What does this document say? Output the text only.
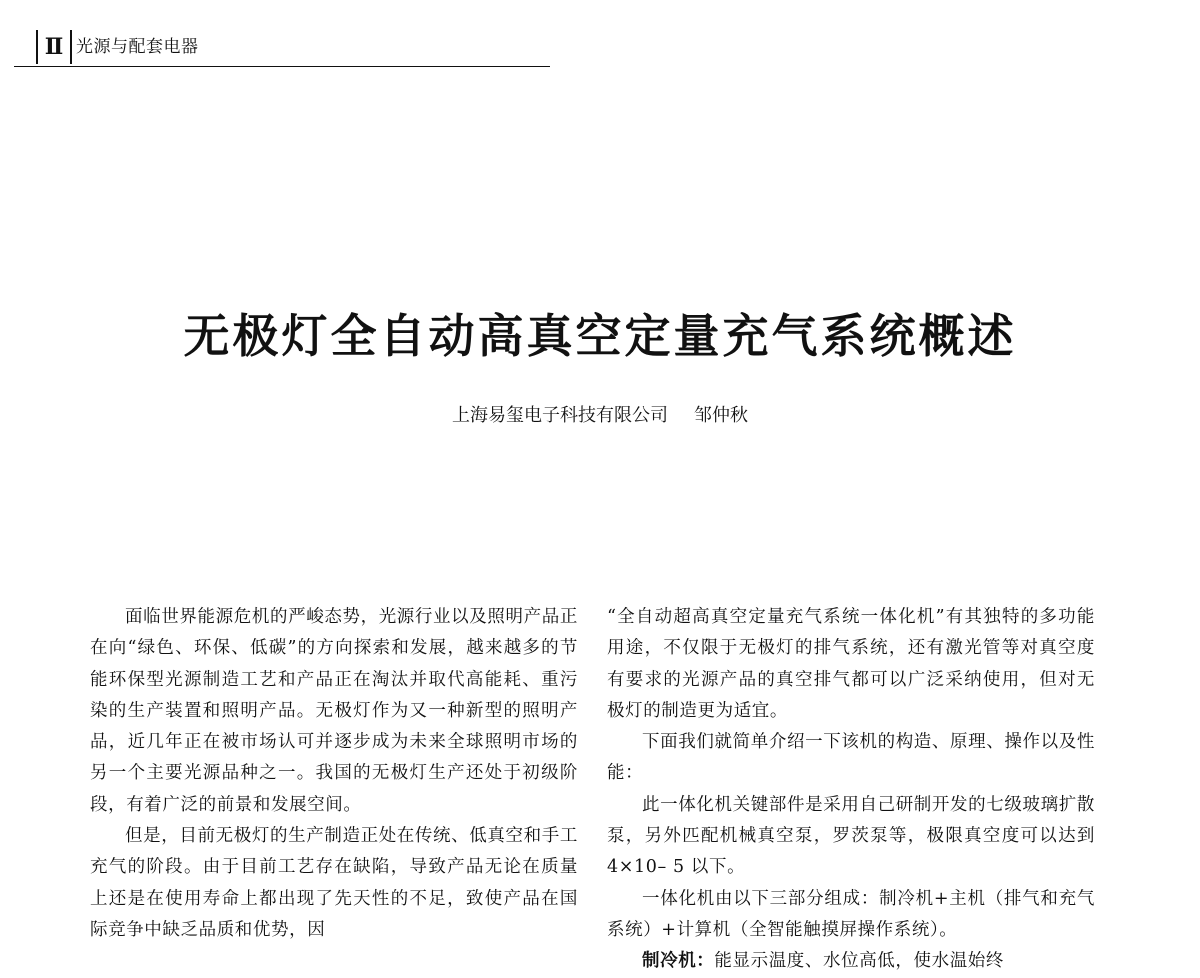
Ⅱ 光源与配套电器
无极灯全自动高真空定量充气系统概述
上海易玺电子科技有限公司 邹仲秋

面临世界能源危机的严峻态势，光源行业以及照明产品正在向“绿色、环保、低碳”的方向探索和发展，越来越多的节能环保型光源制造工艺和产品正在淘汰并取代高能耗、重污染的生产装置和照明产品。无极灯作为又一种新型的照明产品，近几年正在被市场认可并逐步成为未来全球照明市场的另一个主要光源品种之一。我国的无极灯生产还处于初级阶段，有着广泛的前景和发展空间。

但是，目前无极灯的生产制造正处在传统、低真空和手工充气的阶段。由于目前工艺存在缺陷，导致产品无论在质量上还是在使用寿命上都出现了先天性的不足，致使产品在国际竞争中缺乏品质和优势，因

“全自动超高真空定量充气系统一体化机”有其独特的多功能用途，不仅限于无极灯的排气系统，还有激光管等对真空度有要求的光源产品的真空排气都可以广泛采纳使用，但对无极灯的制造更为适宜。

下面我们就简单介绍一下该机的构造、原理、操作以及性能：

此一体化机关键部件是采用自己研制开发的七级玻璃扩散泵，另外匹配机械真空泵，罗茨泵等，极限真空度可以达到 4×10– 5 以下。

一体化机由以下三部分组成：制冷机+主机（排气和充气系统）+计算机（全智能触摸屏操作系统）。

制冷机：能显示温度、水位高低，使水温始终
